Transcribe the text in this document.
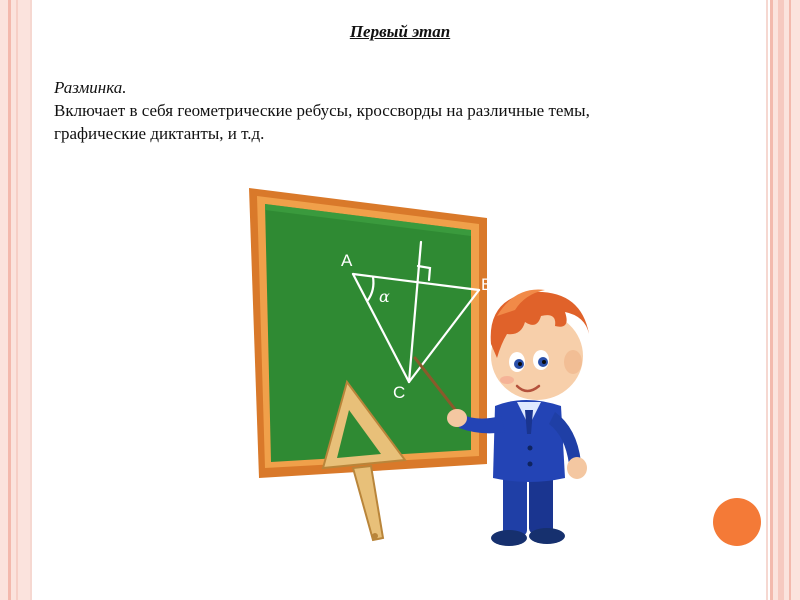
Первый этап

Разминка.

Включает в себя геометрические ребусы, кроссворды на различные темы,

графические диктанты, и т.д.

A
B
C
α
